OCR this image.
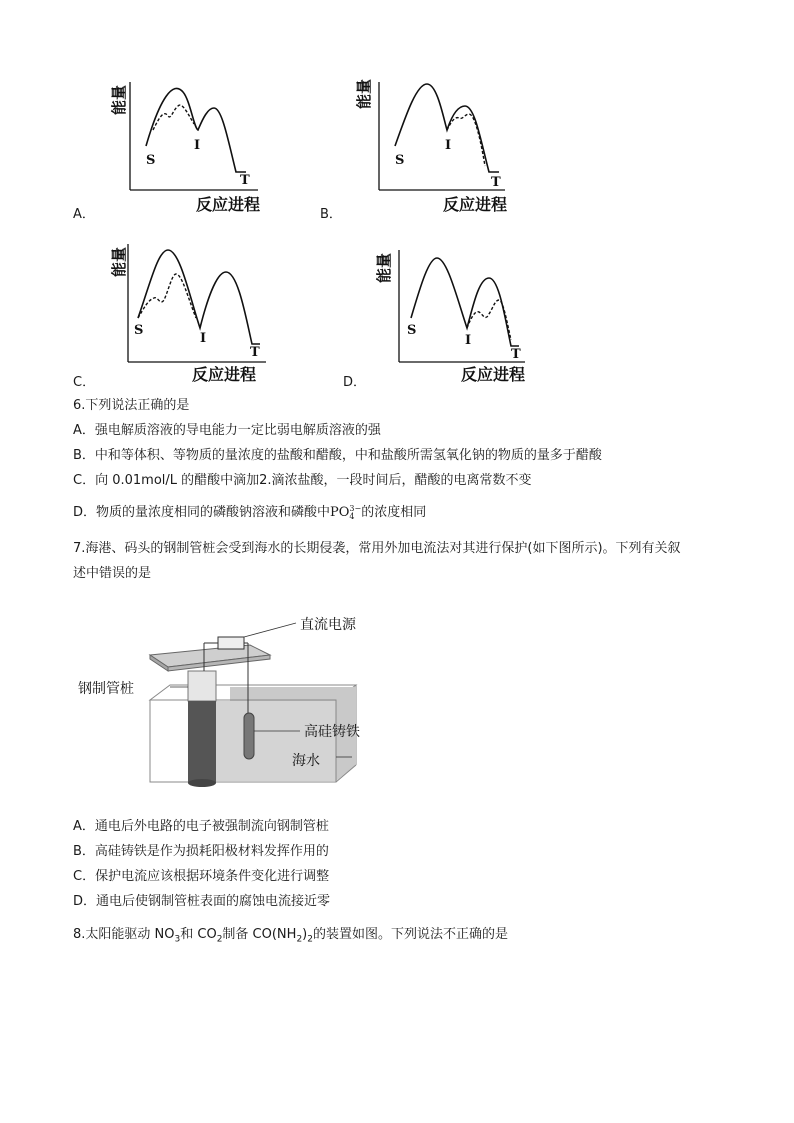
能量
S
I
T
反应进程
A．
能量
S
I
T
反应进程
B．
能量
S
I
T
反应进程
C．
能量
S
I
T
反应进程
D．
6.下列说法正确的是
A．强电解质溶液的导电能力一定比弱电解质溶液的强
B．中和等体积、等物质的量浓度的盐酸和醋酸，中和盐酸所需氢氧化钠的物质的量多于醋酸
C．向 0.01mol/L 的醋酸中滴加2.滴浓盐酸，一段时间后，醋酸的电离常数不变
D．物质的量浓度相同的磷酸钠溶液和磷酸中PO 3−
4 的浓度相同
7.海港、码头的钢制管桩会受到海水的长期侵袭，常用外加电流法对其进行保护(如下图所示)。下列有关叙
述中错误的是
直流电源
钢制管桩
高硅铸铁
海水
A．通电后外电路的电子被强制流向钢制管桩
B．高硅铸铁是作为损耗阳极材料发挥作用的
C．保护电流应该根据环境条件变化进行调整
D．通电后使钢制管桩表面的腐蚀电流接近零
8.太阳能驱动 $NO_3$和 $CO_2$制备 $CO(NH_2)_2$的装置如图。下列说法不正确的是
